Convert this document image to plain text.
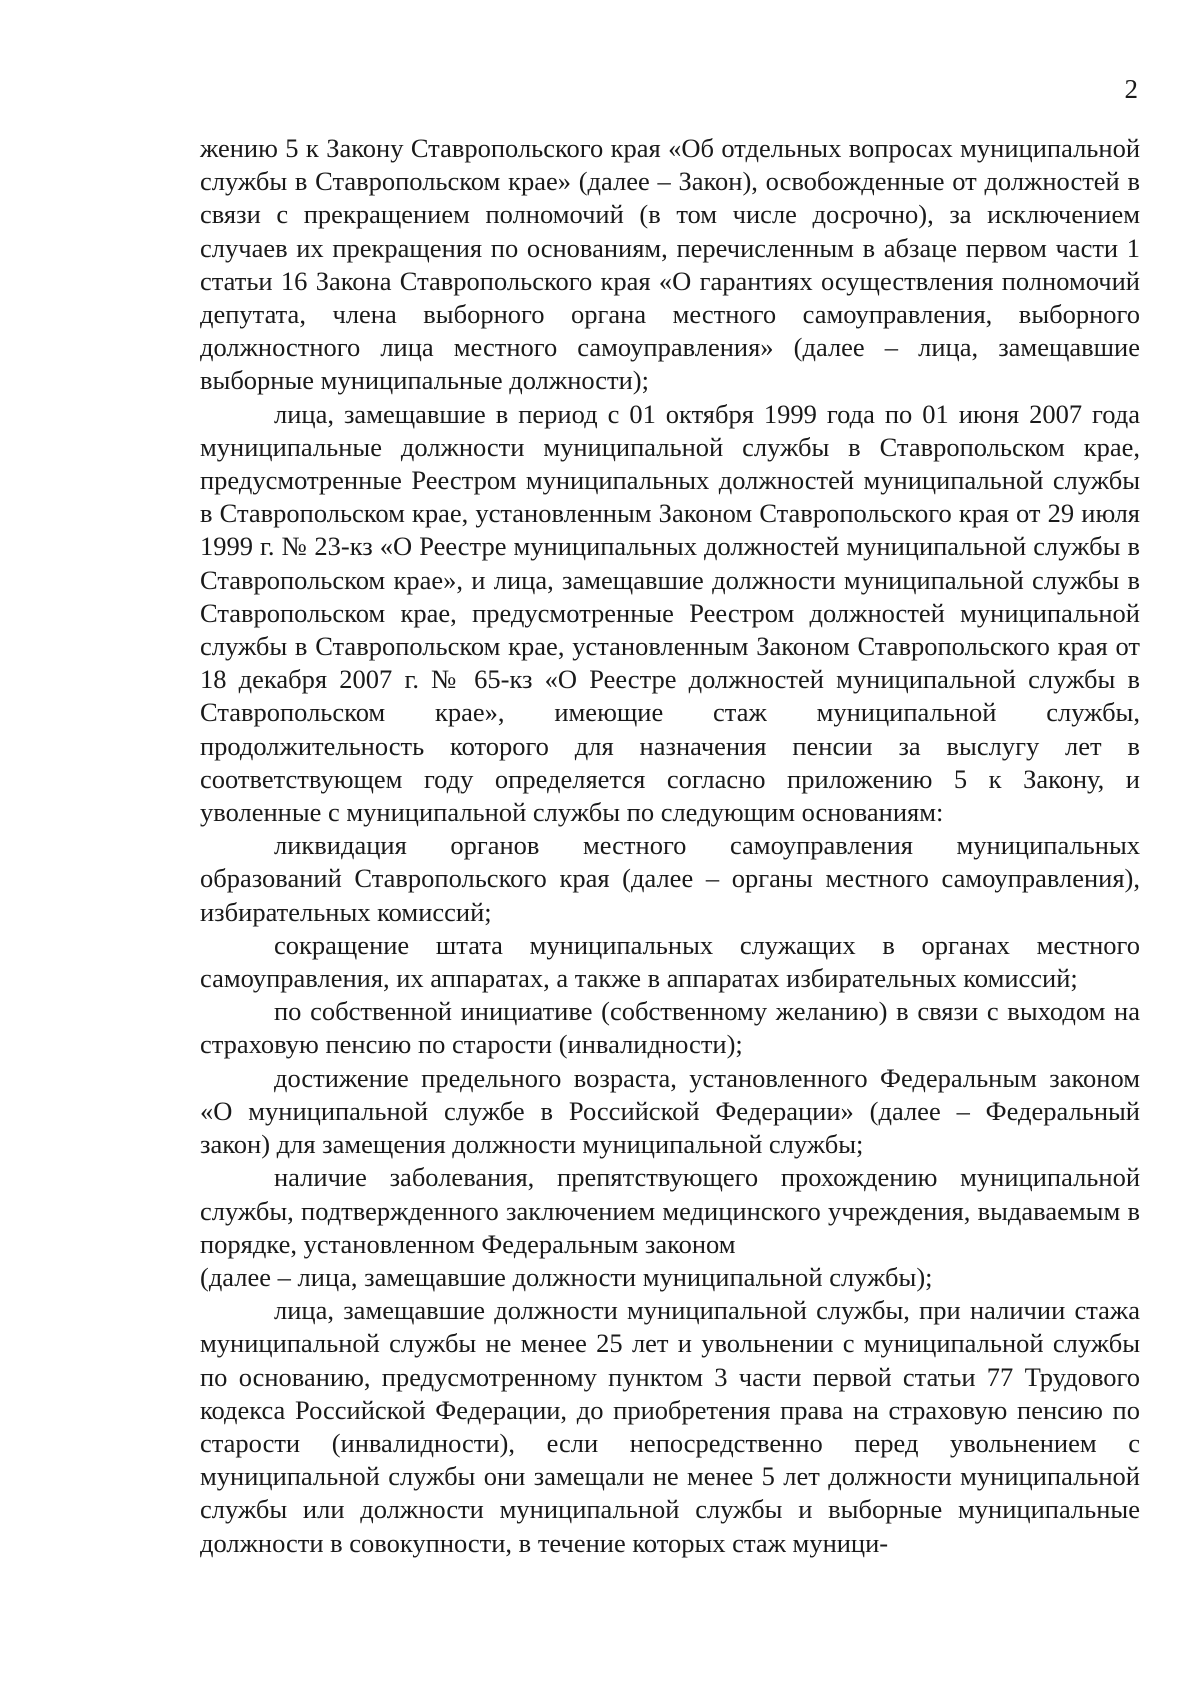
2

жению 5 к Закону Ставропольского края «Об отдельных вопросах муниципальной службы в Ставропольском крае» (далее – Закон), освобожденные от должностей в связи с прекращением полномочий (в том числе досрочно), за исключением случаев их прекращения по основаниям, перечисленным в абзаце первом части 1 статьи 16 Закона Ставропольского края «О гарантиях осуществления полномочий депутата, члена выборного органа местного самоуправления, выборного должностного лица местного самоуправления» (далее – лица, замещавшие выборные муниципальные должности);

лица, замещавшие в период с 01 октября 1999 года по 01 июня 2007 года муниципальные должности муниципальной службы в Ставропольском крае, предусмотренные Реестром муниципальных должностей муниципальной службы в Ставропольском крае, установленным Законом Ставропольского края от 29 июля 1999 г. № 23-кз «О Реестре муниципальных должностей муниципальной службы в Ставропольском крае», и лица, замещавшие должности муниципальной службы в Ставропольском крае, предусмотренные Реестром должностей муниципальной службы в Ставропольском крае, установленным Законом Ставропольского края от 18 декабря 2007 г. № 65-кз «О Реестре должностей муниципальной службы в Ставропольском крае», имеющие стаж муниципальной службы, продолжительность которого для назначения пенсии за выслугу лет в соответствующем году определяется согласно приложению 5 к Закону, и уволенные с муниципальной службы по следующим основаниям:

ликвидация органов местного самоуправления муниципальных образований Ставропольского края (далее – органы местного самоуправления), избирательных комиссий;

сокращение штата муниципальных служащих в органах местного самоуправления, их аппаратах, а также в аппаратах избирательных комиссий;

по собственной инициативе (собственному желанию) в связи с выходом на страховую пенсию по старости (инвалидности);

достижение предельного возраста, установленного Федеральным законом «О муниципальной службе в Российской Федерации» (далее – Федеральный закон) для замещения должности муниципальной службы;

наличие заболевания, препятствующего прохождению муниципальной службы, подтвержденного заключением медицинского учреждения, выдаваемым в порядке, установленном Федеральным законом

(далее – лица, замещавшие должности муниципальной службы);

лица, замещавшие должности муниципальной службы, при наличии стажа муниципальной службы не менее 25 лет и увольнении с муниципальной службы по основанию, предусмотренному пунктом 3 части первой статьи 77 Трудового кодекса Российской Федерации, до приобретения права на страховую пенсию по старости (инвалидности), если непосредственно перед увольнением с муниципальной службы они замещали не менее 5 лет должности муниципальной службы или должности муниципальной службы и выборные муниципальные должности в совокупности, в течение которых стаж муници-
